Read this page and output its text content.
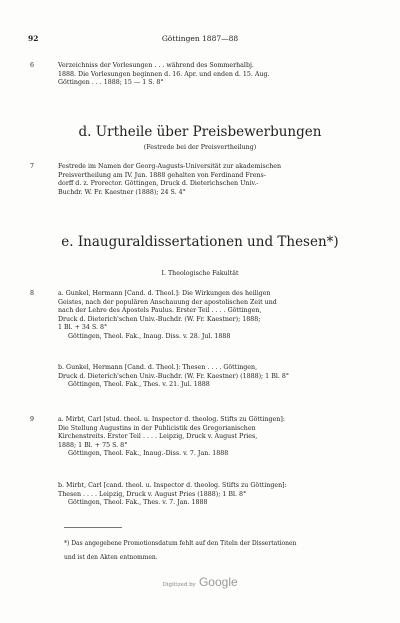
92	Göttingen 1887—88
6	Verzeichniss der Vorlesungen . . . während des Sommerhalbj.

1888. Die Vorlesungen beginnen d. 16. Apr. und enden d. 15. Aug.

Göttingen . . . 1888; 15 — 1 S. 8°

d. Urtheile über Preisbewerbungen
(Festrede bei der Preisvertheilung)
7	Festrede im Namen der Georg-Augusts-Universität zur akademischen

Preisvertheilung am IV. Jun. 1888 gehalten von Ferdinand Frens-

dorff d. z. Prorector. Göttingen, Druck d. Dieterichschen Univ.-

Buchdr. W. Fr. Kaestner (1888); 24 S. 4°

e. Inauguraldissertationen und Thesen*)
I. Theologische Fakultät
8	a. Gunkel, Hermann [Cand. d. Theol.]: Die Wirkungen des heiligen

Geistes, nach der populären Anschauung der apostolischen Zeit und

nach der Lehre des Apostels Paulus. Erster Teil . . . . Göttingen,

Druck d. Dieterich'schen Univ.-Buchdr. (W. Fr. Kaestner); 1888;

1 Bl. + 34 S. 8°

Göttingen, Theol. Fak., Inaug. Diss. v. 28. Jul. 1888

b. Gunkel, Hermann [Cand. d. Theol.]: Thesen . . . . Göttingen,

Druck d. Dieterich'schen Univ.-Buchdr. (W. Fr. Kaestner) (1888); 1 Bl. 8°

Göttingen, Theol. Fak., Thes. v. 21. Jul. 1888

9	a. Mirbt, Carl [stud. theol. u. Inspector d. theolog. Stifts zu Göttingen]:

Die Stellung Augustins in der Publicistik des Gregorianischen

Kirchenstreits. Erster Teil . . . . Leipzig, Druck v. August Pries,

1888; 1 Bl. + 75 S. 8°

Göttingen, Theol. Fak., Inaug.-Diss. v. 7. Jan. 1888

b. Mirbt, Carl [cand. theol. u. Inspector d. theolog. Stifts zu Göttingen]:

Thesen . . . . Leipzig, Druck v. August Pries (1888); 1 Bl. 8°

Göttingen, Theol. Fak., Thes. v. 7. Jan. 1888

*) Das angegebene Promotionsdatum fehlt auf den Titeln der Dissertationen

und ist den Akten entnommen.

Digitized by Google
